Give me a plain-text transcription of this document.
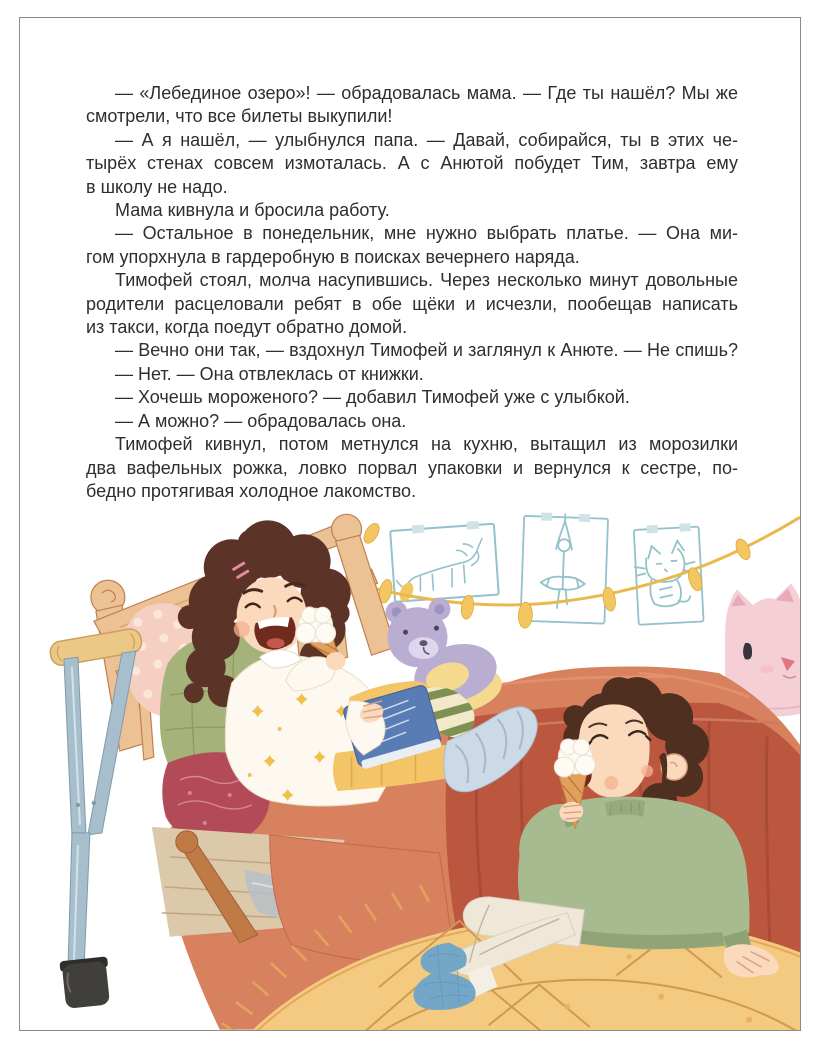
— «Лебединое озеро»! — обрадовалась мама. — Где ты нашёл? Мы же
смотрели, что все билеты выкупили!

— А я нашёл, — улыбнулся папа. — Давай, собирайся, ты в этих че-
тырёх стенах совсем измоталась. А с Анютой побудет Тим, завтра ему
в школу не надо.

Мама кивнула и бросила работу.

— Остальное в понедельник, мне нужно выбрать платье. — Она ми-
гом упорхнула в гардеробную в поисках вечернего наряда.

Тимофей стоял, молча насупившись. Через несколько минут довольные
родители расцеловали ребят в обе щёки и исчезли, пообещав написать
из такси, когда поедут обратно домой.

— Вечно они так, — вздохнул Тимофей и заглянул к Анюте. — Не спишь?

— Нет. — Она отвлеклась от книжки.

— Хочешь мороженого? — добавил Тимофей уже с улыбкой.

— А можно? — обрадовалась она.

Тимофей кивнул, потом метнулся на кухню, вытащил из морозилки
два вафельных рожка, ловко порвал упаковки и вернулся к сестре, по-
бедно протягивая холодное лакомство.
